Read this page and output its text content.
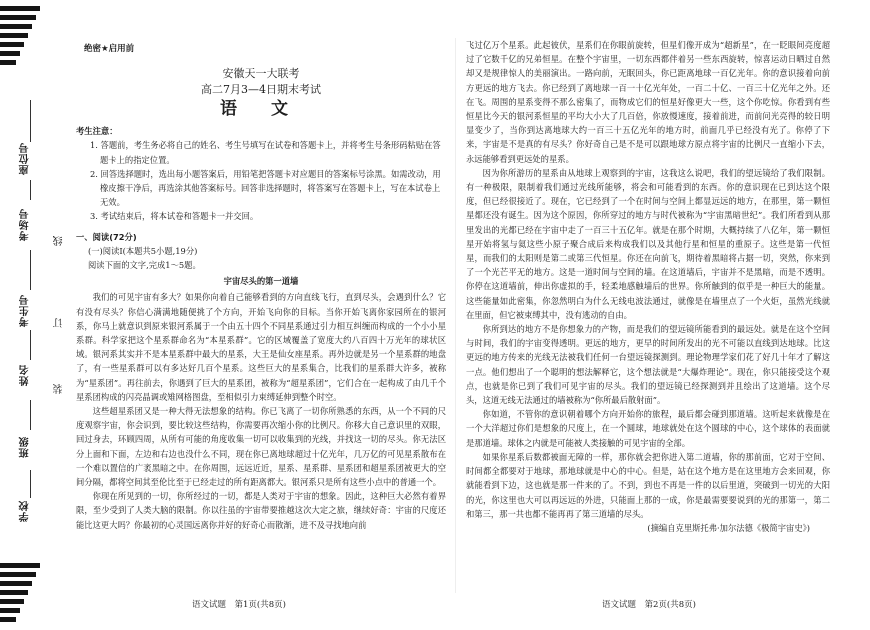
座位号
考场号
考生号
姓名
班级
学校
线
订
装
绝密★启用前
安徽天一大联考
高二7月3—4日期末考试
语 文
考生注意：
1. 答题前，考生务必将自己的姓名、考生号填写在试卷和答题卡上，并将考生号条形码粘贴在答题卡上的指定位置。
2. 回答选择题时，选出每小题答案后，用铅笔把答题卡对应题目的答案标号涂黑。如需改动，用橡皮擦干净后，再选涂其他答案标号。回答非选择题时，将答案写在答题卡上，写在本试卷上无效。
3. 考试结束后，将本试卷和答题卡一并交回。
一、阅读(72分)
(一)阅读Ⅰ(本题共5小题,19分)
阅读下面的文字,完成1～5题。
宇宙尽头的第一道墙
我们的可见宇宙有多大？如果你向着自己能够看到的方向直线飞行，直到尽头，会遇到什么？它有没有尽头？你信心满满地随便挑了个方向，开始飞向你的目标。当你开始飞离你家园所在的银河系，你马上就意识到原来银河系属于一个由五十四个不同星系通过引力相互纠缠而构成的一个小小星系群。科学家把这个星系群命名为“本星系群”。它的区域覆盖了宽度大约八百四十万光年的球状区域。银河系其实并不是本星系群中最大的星系，大王是仙女座星系。再外边就是另一个星系群的地盘了，有一些星系群可以有多达好几百个星系。这些巨大的星系集合，比我们的星系群大许多，被称为“星系团”。再往前去，你遇到了巨大的星系团，被称为“超星系团”，它们合在一起构成了由几千个星系团构成的闪亮晶调或雉网格图盘，至相似引力束缚延伸到整个时空。
这些超星系团又是一种大得无法想象的结构。你已飞离了一切你所熟悉的东西，从一个不同的尺度观察宇宙，你会识到，要比较这些结构，你需要再次缩小你的比例尺。你移大自己意识里的双眼，回过身去，环顾四周，从所有可能的角度收集一切可以收集到的光线，并找这一切的尽头。你无法区分上面和下面，左边和右边也没什么不同，现在你已离地球超过十亿光年，几万亿的可见星系散布在一个难以置信的广袤黑暗之中。在你周围，远远近近，星系、星系群、星系团和超星系团被更大的空间分隔，都将空间其至伦比至于已经走过的所有距离都大。银河系只是所有这些小点中的普通一个。
你现在所见到的一切，你所经过的一切，都是人类对于宇宙的想象。因此，这种巨大必然有着界限，至少受到了人类大脑的限制。你以往虽的宇宙带要推越这次大定之旅，继续好奇：宇宙的尺度还能比这更大吗？你最初的心灵国远离你并好的好奇心而散渐，进不及寻找地向前
飞过亿万个星系。此起彼伏，星系们在你眼前旋转，但星们像开成为“超新星”，在一眨眼间亮度超过了它数千亿的兄弟恒星。在整个宇宙里，一切东西都伴着另一些东西旋转，惊喜运动日晒过自然却又是规律惊人的美丽演出。一路向前，无眠回头，你已距离地球一百亿光年。你的意识接着向前方更远的地方飞去。你已经到了离地球一百一十亿光年处，一百二十亿、一百三十亿光年之外。还在飞。周围的星系变得不那么密集了，而物成它们的恒星好像更大一些，这个你吃惊。你看到有些恒星比今天的银河系恒星的平均大小大了几百倍，你放慢速度，接着前进，而前问光亮得的较日明显变少了，当你到达离地球大约一百三十五亿光年的地方时，前面几乎已经没有光了。你停了下来，宇宙是不是真的有尽头？你好奇自己是不是可以跟地球方原点将宇宙的比例尺一直缩小下去，永远能够看到更远处的星系。
因为你所游历的星系由从地球上观察到的宇宙，这我这么说吧，我们的望远镜给了我们限制。有一种极限，限制着我们通过光线所能够，将会和可能看到的东西。你的意识现在已到达这个限度，但已经很接近了。现在，它已经到了一个在时间与空间上都显远远的地方，在那里，第一颗恒星都还没有诞生。因为这个原因，你所穿过的地方与时代被称为“宇宙黑暗世纪”。我们所看到从那里发出的光都已经在宇宙中走了一百三十五亿年。就是在那个时期，大概持续了八亿年，第一颗恒星开始将氢与氦这些小原子聚合成后来构成我们以及其他行星和恒星的重原子。这些是第一代恒星，而我们的太阳则是第二或第三代恒星。你还在向前飞，期待着黑暗将占据一切，突然，你来到了一个光芒平无的地方。这是一道时间与空间的墙。在这道墙后，宇宙并不是黑暗，而是不透明。你停在这道墙前，伸出你虚拟的手，轻柔地感触墙后的世界。你所触到的似乎是一种巨大的能量。这些能量如此密集，你忽然明白为什么无线电波法通过，就像是在墙里点了一个火炬，虽然光线就在里面，但它被束缚其中，没有逃动的自由。
你所到达的地方不是你想象力的产物，而是我们的望远镜所能看到的最远处。就是在这个空间与时间，我们的宇宙变得透明。更远的地方，更早的时间所发出的光不可能以直线到达地球。比这更远的地方传来的光线无法被我们任何一台望远镜探测到。理论物理学家们花了好几十年才了解这一点。他们想出了一个聪明的想法解释它，这个想法就是“大爆炸理论”。现在，你只能接受这个观点，也就是你已到了我们可见宇宙的尽头。我们的望远镜已经探测到并且绘出了这道墙。这个尽头，这道无线无法通过的墙被称为“你所最后散射面”。
你如道，不管你的意识朝着哪个方向开始你的旅程，最后都会碰到那道墙。这听起来就像是在一个大洋超过你们是想象的尺度上，在一个圆球，地球就处在这个圆球的中心，这个球体的表面就是那道墙。球体之内就是可能被人类接触的可见宇宙的全部。
如果你星系后数都被面无障的一样，那你就会把你进入第二道墙，你的那前面，它对于空间、时间都全都要对于地球，那地球就是中心的中心。但是，站在这个地方是在这里地方会来回观，你就能看到下边，这也就是那一件来的了。不到，到也不再是一件的以后里道，突破到一切光的大阳的光，你这里也大可以再远远的外进，只能面上那的一成，你是最需要要说到的光的那第一，第二和第三，那一共也都不能再再了第三道墙的尽头。
(摘编自克里斯托弗·加尔法德《极简宇宙史》)
语文试题　第1页(共8页)	语文试题　第2页(共8页)
